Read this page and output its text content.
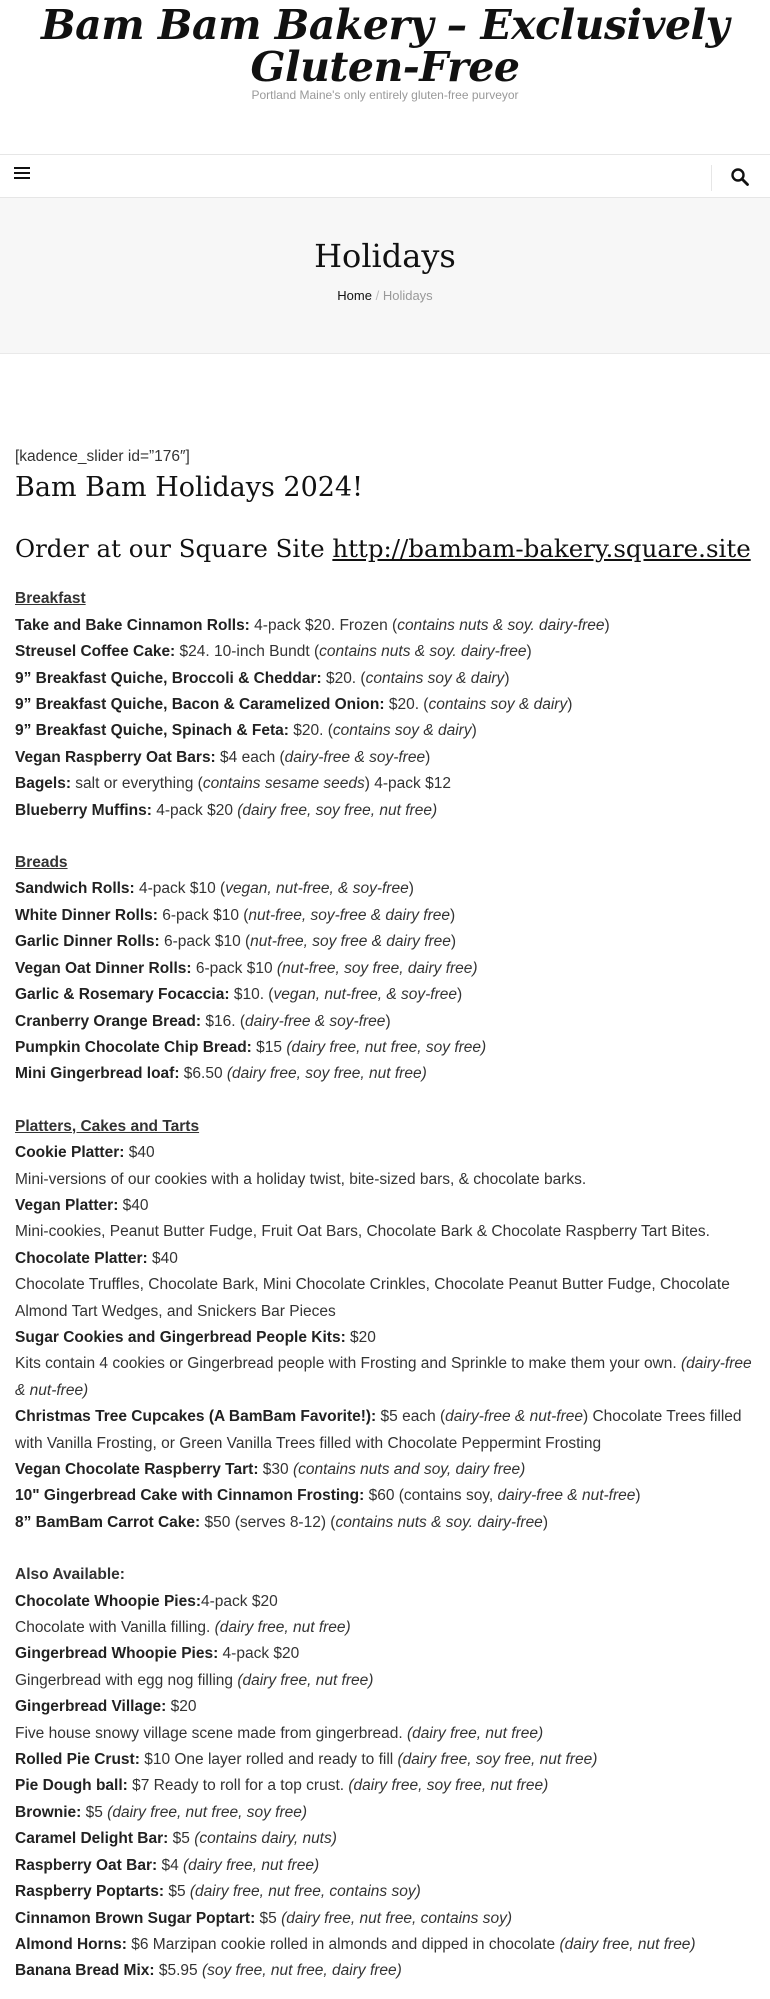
Bam Bam Bakery – Exclusively Gluten-Free
Portland Maine's only entirely gluten-free purveyor
Holidays
Home / Holidays

[kadence_slider id=”176″]

Bam Bam Holidays 2024!
Order at our Square Site http://bambam-bakery.square.site
Breakfast
Take and Bake Cinnamon Rolls: 4-pack $20. Frozen (contains nuts & soy. dairy-free)
Streusel Coffee Cake: $24. 10-inch Bundt (contains nuts & soy. dairy-free)
9” Breakfast Quiche, Broccoli & Cheddar: $20. (contains soy & dairy)
9” Breakfast Quiche, Bacon & Caramelized Onion: $20. (contains soy & dairy)
9” Breakfast Quiche, Spinach & Feta: $20. (contains soy & dairy)
Vegan Raspberry Oat Bars: $4 each (dairy-free & soy-free)
Bagels: salt or everything (contains sesame seeds) 4-pack $12
Blueberry Muffins: 4-pack $20 (dairy free, soy free, nut free)
Breads
Sandwich Rolls: 4-pack $10 (vegan, nut-free, & soy-free)
White Dinner Rolls: 6-pack $10 (nut-free, soy-free & dairy free)
Garlic Dinner Rolls: 6-pack $10 (nut-free, soy free & dairy free)
Vegan Oat Dinner Rolls: 6-pack $10 (nut-free, soy free, dairy free)
Garlic & Rosemary Focaccia: $10. (vegan, nut-free, & soy-free)
Cranberry Orange Bread: $16. (dairy-free & soy-free)
Pumpkin Chocolate Chip Bread: $15 (dairy free, nut free, soy free)
Mini Gingerbread loaf: $6.50 (dairy free, soy free, nut free)
Platters, Cakes and Tarts
Cookie Platter: $40
Mini-versions of our cookies with a holiday twist, bite-sized bars, & chocolate barks.
Vegan Platter: $40
Mini-cookies, Peanut Butter Fudge, Fruit Oat Bars, Chocolate Bark & Chocolate Raspberry Tart Bites.
Chocolate Platter: $40
Chocolate Truffles, Chocolate Bark, Mini Chocolate Crinkles, Chocolate Peanut Butter Fudge, Chocolate Almond Tart Wedges, and Snickers Bar Pieces
Sugar Cookies and Gingerbread People Kits: $20
Kits contain 4 cookies or Gingerbread people with Frosting and Sprinkle to make them your own. (dairy-free & nut-free)
Christmas Tree Cupcakes (A BamBam Favorite!): $5 each (dairy-free & nut-free) Chocolate Trees filled with Vanilla Frosting, or Green Vanilla Trees filled with Chocolate Peppermint Frosting
Vegan Chocolate Raspberry Tart: $30 (contains nuts and soy, dairy free)
10" Gingerbread Cake with Cinnamon Frosting: $60 (contains soy, dairy-free & nut-free)
8” BamBam Carrot Cake: $50 (serves 8-12) (contains nuts & soy. dairy-free)
Also Available:
Chocolate Whoopie Pies:4-pack $20
Chocolate with Vanilla filling. (dairy free, nut free)
Gingerbread Whoopie Pies: 4-pack $20
Gingerbread with egg nog filling (dairy free, nut free)
Gingerbread Village: $20
Five house snowy village scene made from gingerbread. (dairy free, nut free)
Rolled Pie Crust: $10 One layer rolled and ready to fill (dairy free, soy free, nut free)
Pie Dough ball: $7 Ready to roll for a top crust. (dairy free, soy free, nut free)
Brownie: $5 (dairy free, nut free, soy free)
Caramel Delight Bar: $5 (contains dairy, nuts)
Raspberry Oat Bar: $4 (dairy free, nut free)
Raspberry Poptarts: $5 (dairy free, nut free, contains soy)
Cinnamon Brown Sugar Poptart: $5 (dairy free, nut free, contains soy)
Almond Horns: $6 Marzipan cookie rolled in almonds and dipped in chocolate (dairy free, nut free)
Banana Bread Mix: $5.95 (soy free, nut free, dairy free)
